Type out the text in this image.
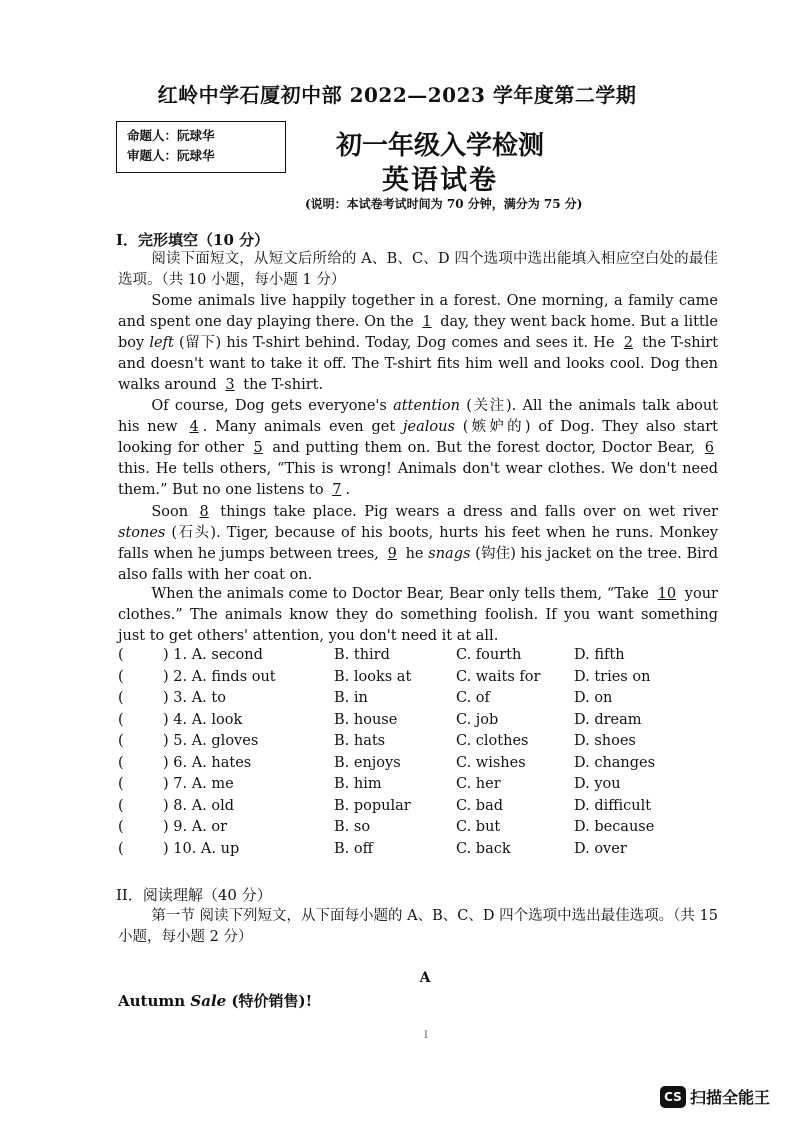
红岭中学石厦初中部 2022—2023 学年度第二学期
命题人：阮球华
审题人：阮球华	初一年级入学检测
英语试卷
(说明：本试卷考试时间为 70 分钟，满分为 75 分)
I．完形填空（10 分）
阅读下面短文，从短文后所给的 A、B、C、D 四个选项中选出能填入相应空白处的最佳选项。（共 10 小题，每小题 1 分）
Some animals live happily together in a forest. One morning, a family came and spent one day playing there. On the 1 day, they went back home. But a little boy left (留下) his T-shirt behind. Today, Dog comes and sees it. He 2 the T-shirt and doesn't want to take it off. The T-shirt fits him well and looks cool. Dog then walks around 3 the T-shirt.
Of course, Dog gets everyone's attention (关注). All the animals talk about his new 4 . Many animals even get jealous (嫉妒的) of Dog. They also start looking for other 5 and putting them on. But the forest doctor, Doctor Bear, 6 this. He tells others, “This is wrong! Animals don't wear clothes. We don't need them.” But no one listens to 7 .
Soon 8 things take place. Pig wears a dress and falls over on wet river stones (石头). Tiger, because of his boots, hurts his feet when he runs. Monkey falls when he jumps between trees, 9 he snags (钩住) his jacket on the tree. Bird also falls with her coat on.
When the animals come to Doctor Bear, Bear only tells them, “Take 10 your clothes.” The animals know they do something foolish. If you want something just to get others' attention, you don't need it at all.
(	) 1. A. second	B. third	C. fourth	D. fifth
(	) 2. A. finds out	B. looks at	C. waits for D. tries on
(	) 3. A. to	B. in	C. of	D. on
(	) 4. A. look	B. house	C. job	D. dream
(	) 5. A. gloves	B. hats	C. clothes	D. shoes
(	) 6. A. hates	B. enjoys	C. wishes	D. changes
(	) 7. A. me	B. him	C. her	D. you
(	) 8. A. old	B. popular	C. bad	D. difficult
(	) 9. A. or	B. so	C. but	D. because
(	) 10. A. up	B. off	C. back	D. over
II．阅读理解（40 分）
第一节 阅读下列短文，从下面每小题的 A、B、C、D 四个选项中选出最佳选项。（共 15 小题，每小题 2 分）
A
Autumn Sale (特价销售)!
I
CS 扫描全能王
